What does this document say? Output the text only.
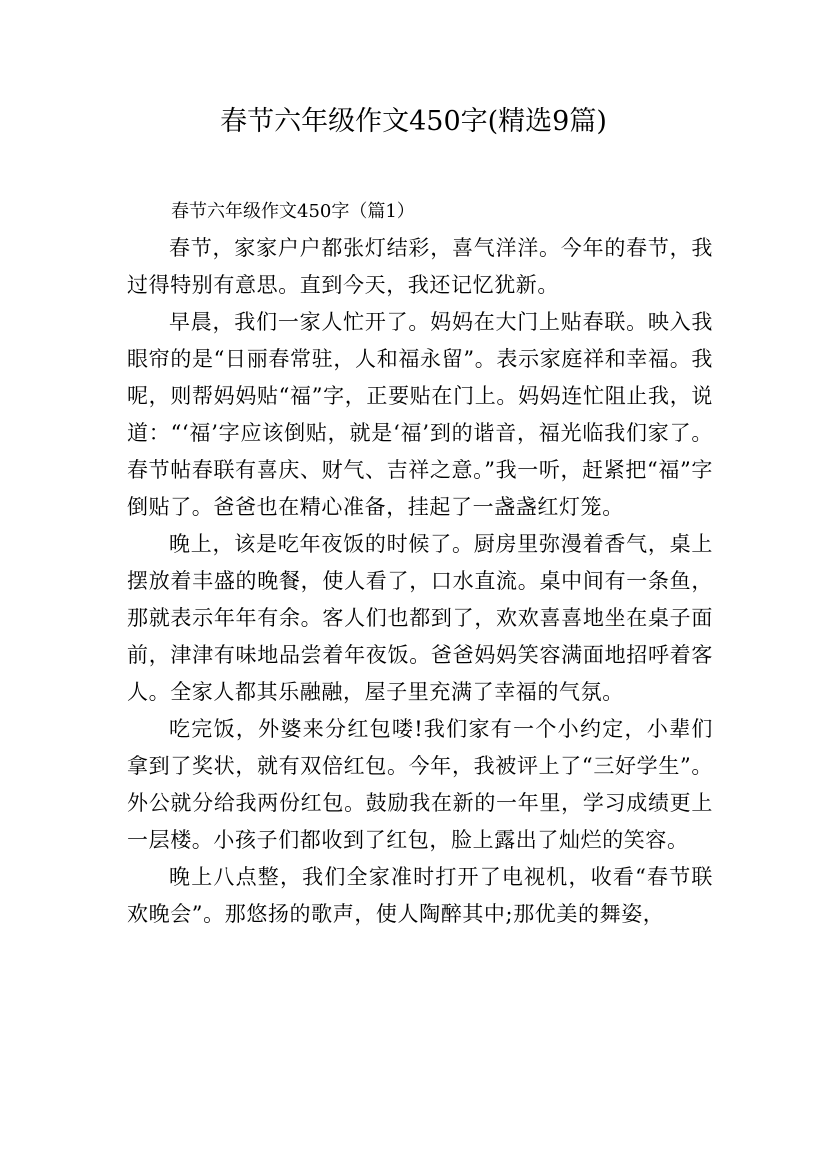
春节六年级作文450字(精选9篇)

春节六年级作文450字（篇1）

春节，家家户户都张灯结彩，喜气洋洋。今年的春节，我过得特别有意思。直到今天，我还记忆犹新。

早晨，我们一家人忙开了。妈妈在大门上贴春联。映入我眼帘的是“日丽春常驻，人和福永留”。表示家庭祥和幸福。我呢，则帮妈妈贴“福”字，正要贴在门上。妈妈连忙阻止我，说道：“‘福’字应该倒贴，就是‘福’到的谐音，福光临我们家了。春节帖春联有喜庆、财气、吉祥之意。”我一听，赶紧把“福”字倒贴了。爸爸也在精心准备，挂起了一盏盏红灯笼。

晚上，该是吃年夜饭的时候了。厨房里弥漫着香气，桌上摆放着丰盛的晚餐，使人看了，口水直流。桌中间有一条鱼，那就表示年年有余。客人们也都到了，欢欢喜喜地坐在桌子面前，津津有味地品尝着年夜饭。爸爸妈妈笑容满面地招呼着客人。全家人都其乐融融，屋子里充满了幸福的气氛。

吃完饭，外婆来分红包喽!我们家有一个小约定，小辈们拿到了奖状，就有双倍红包。今年，我被评上了“三好学生”。外公就分给我两份红包。鼓励我在新的一年里，学习成绩更上一层楼。小孩子们都收到了红包，脸上露出了灿烂的笑容。

晚上八点整，我们全家准时打开了电视机，收看“春节联欢晚会”。那悠扬的歌声，使人陶醉其中;那优美的舞姿，
